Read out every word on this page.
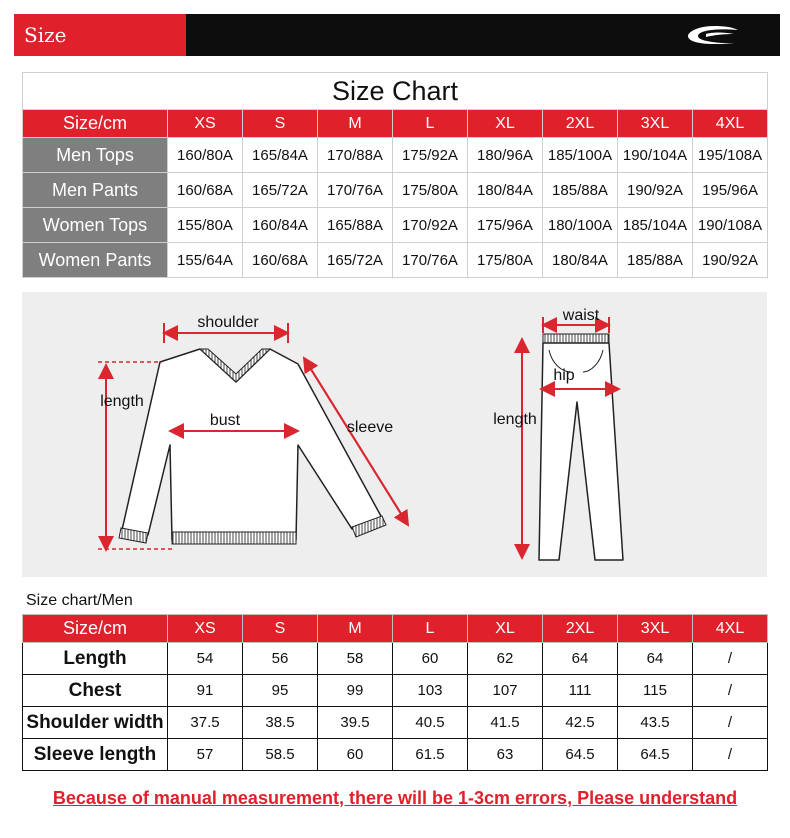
Size Description	Size Chart								
Size/cm	XS	S	M	L	XL	2XL	3XL	4XL
Men Tops	160/80A	165/84A	170/88A	175/92A	180/96A	185/100A	190/104A	195/108A
Men Pants	160/68A	165/72A	170/76A	175/80A	180/84A	185/88A	190/92A	195/96A
Women Tops	155/80A	160/84A	165/88A	170/92A	175/96A	180/100A	185/104A	190/108A
Women Pants	155/64A	160/68A	165/72A	170/76A	175/80A	180/84A	185/88A	190/92A
shoulder
length
bust	sleeve
waist
hip
length
Size chart/Men
Size/cm	XS	S	M	L	XL	2XL	3XL	4XL
Length	54	56	58	60	62	64	64	/
Chest	91	95	99	103	107	111	115	/
Shoulder width	37.5	38.5	39.5	40.5	41.5	42.5	43.5	/
Sleeve length	57	58.5	60	61.5	63	64.5	64.5	/
Because of manual measurement, there will be 1-3cm errors, Please understand
